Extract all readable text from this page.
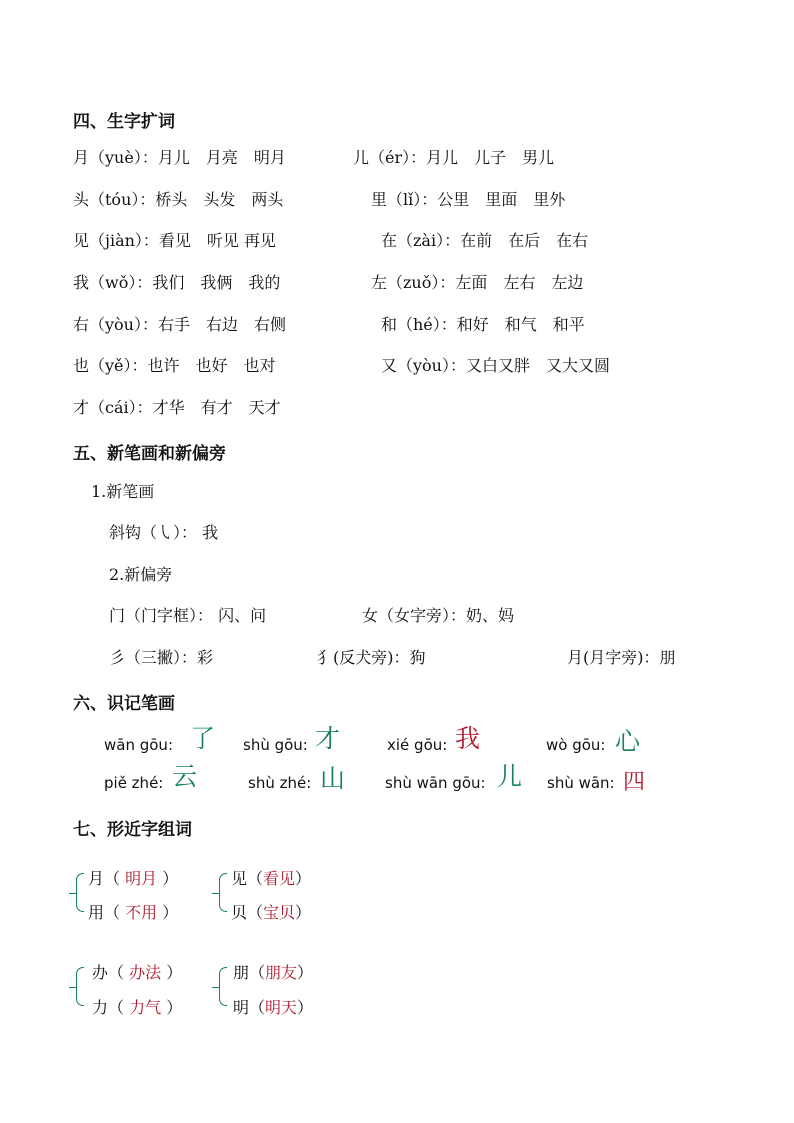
四、生字扩词
月（yuè）：月儿　月亮　明月	儿（ér）：月儿　儿子　男儿
头（tóu）：桥头　头发　两头	里（lǐ）：公里　里面　里外
见（jiàn）：看见　听见 再见	在（zài）：在前　在后　在右
我（wǒ）：我们　我俩　我的	左（zuǒ）：左面　左右　左边
右（yòu）：右手　右边　右侧	和（hé）：和好　和气　和平
也（yě）：也许　也好　也对	又（yòu）：又白又胖　又大又圆
才（cái）：才华　有才　天才
五、新笔画和新偏旁
1.新笔画
斜钩（㇂）： 我
2.新偏旁
门（门字框）： 闪、问	女（女字旁）：奶、妈
彡（三撇）：彩	犭(反犬旁)：狗	月(月字旁)：朋
六、识记笔画
wān gōu: 了 shù gōu: 才	xié gōu: 我	wò gōu: 心
piě zhé: 云	shù zhé: 山	shù wān gōu: 儿 shù wān: 四
七、形近字组词
月（ 明月 ）
用（ 不用 ）
见（看见）
贝（宝贝）
办（ 办法 ）
力（ 力气 ）
朋（朋友）
明（明天）
